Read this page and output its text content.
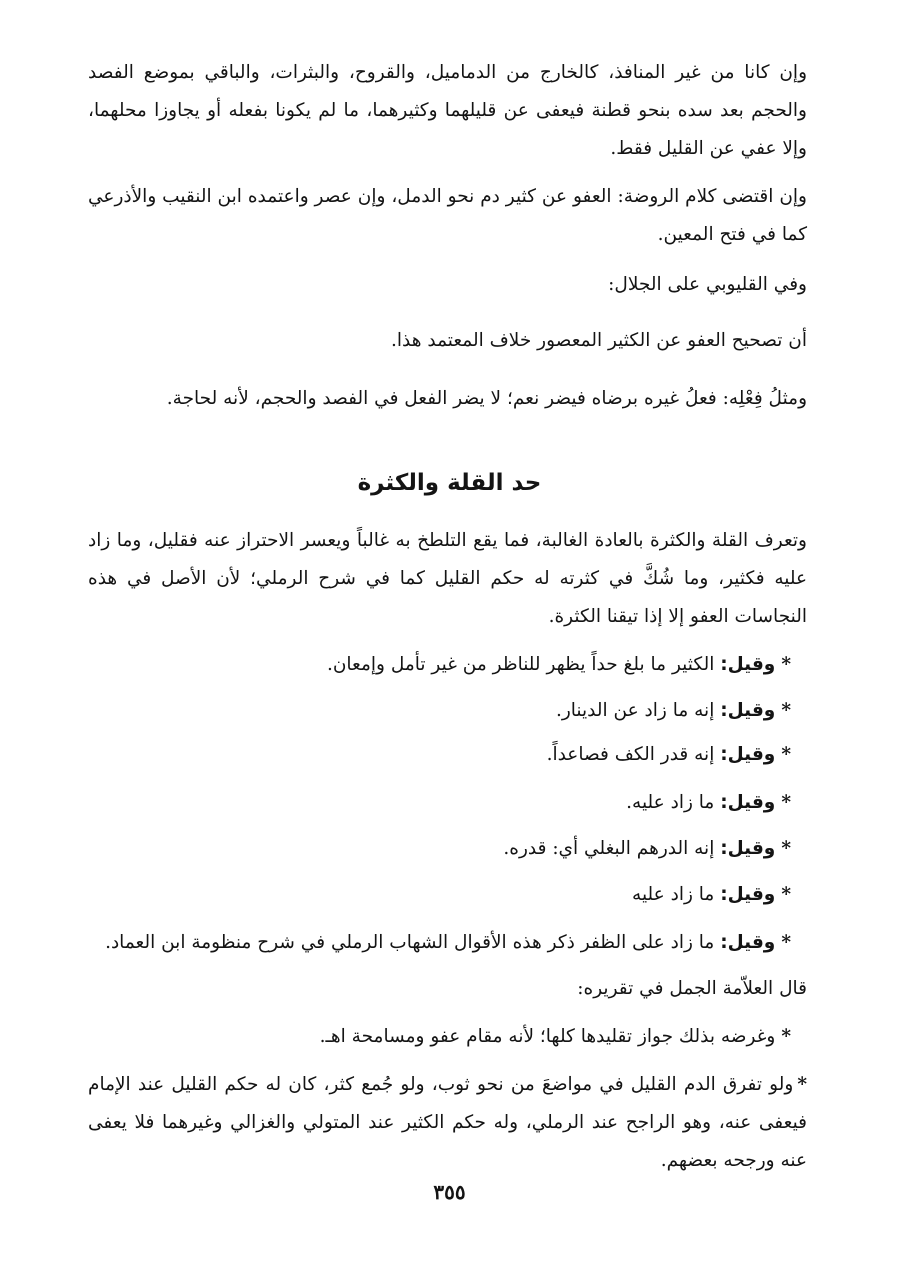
وإن كانا من غير المنافذ، كالخارج من الدماميل، والقروح، والبثرات، والباقي بموضع الفصد والحجم بعد سده بنحو قطنة فيعفى عن قليلهما وكثيرهما، ما لم يكونا بفعله أو يجاوزا محلهما، وإلا عفي عن القليل فقط.

وإن اقتضى كلام الروضة: العفو عن كثير دم نحو الدمل، وإن عصر واعتمده ابن النقيب والأذرعي كما في فتح المعين.

وفي القليوبي على الجلال:

أن تصحيح العفو عن الكثير المعصور خلاف المعتمد هذا.

ومثلُ فِعْلِه: فعلُ غيره برضاه فيضر نعم؛ لا يضر الفعل في الفصد والحجم، لأنه لحاجة.

حد القلة والكثرة

وتعرف القلة والكثرة بالعادة الغالبة، فما يقع التلطخ به غالباً ويعسر الاحتراز عنه فقليل، وما زاد عليه فكثير، وما شُكَّ في كثرته له حكم القليل كما في شرح الرملي؛ لأن الأصل في هذه النجاسات العفو إلا إذا تيقنا الكثرة.

*وقيل: الكثير ما بلغ حداً يظهر للناظر من غير تأمل وإمعان.

*وقيل: إنه ما زاد عن الدينار.

*وقيل: إنه قدر الكف فصاعداً.

*وقيل: ما زاد عليه.

*وقيل: إنه الدرهم البغلي أي: قدره.

*وقيل: ما زاد عليه

*وقيل: ما زاد على الظفر ذكر هذه الأقوال الشهاب الرملي في شرح منظومة ابن العماد.

قال العلاّمة الجمل في تقريره:

*وغرضه بذلك جواز تقليدها كلها؛ لأنه مقام عفو ومسامحة اهـ.

*ولو تفرق الدم القليل في مواضعَ من نحو ثوب، ولو جُمع كثر، كان له حكم القليل عند الإمام فيعفى عنه، وهو الراجح عند الرملي، وله حكم الكثير عند المتولي والغزالي وغيرهما فلا يعفى عنه ورجحه بعضهم.

٣٥٥
